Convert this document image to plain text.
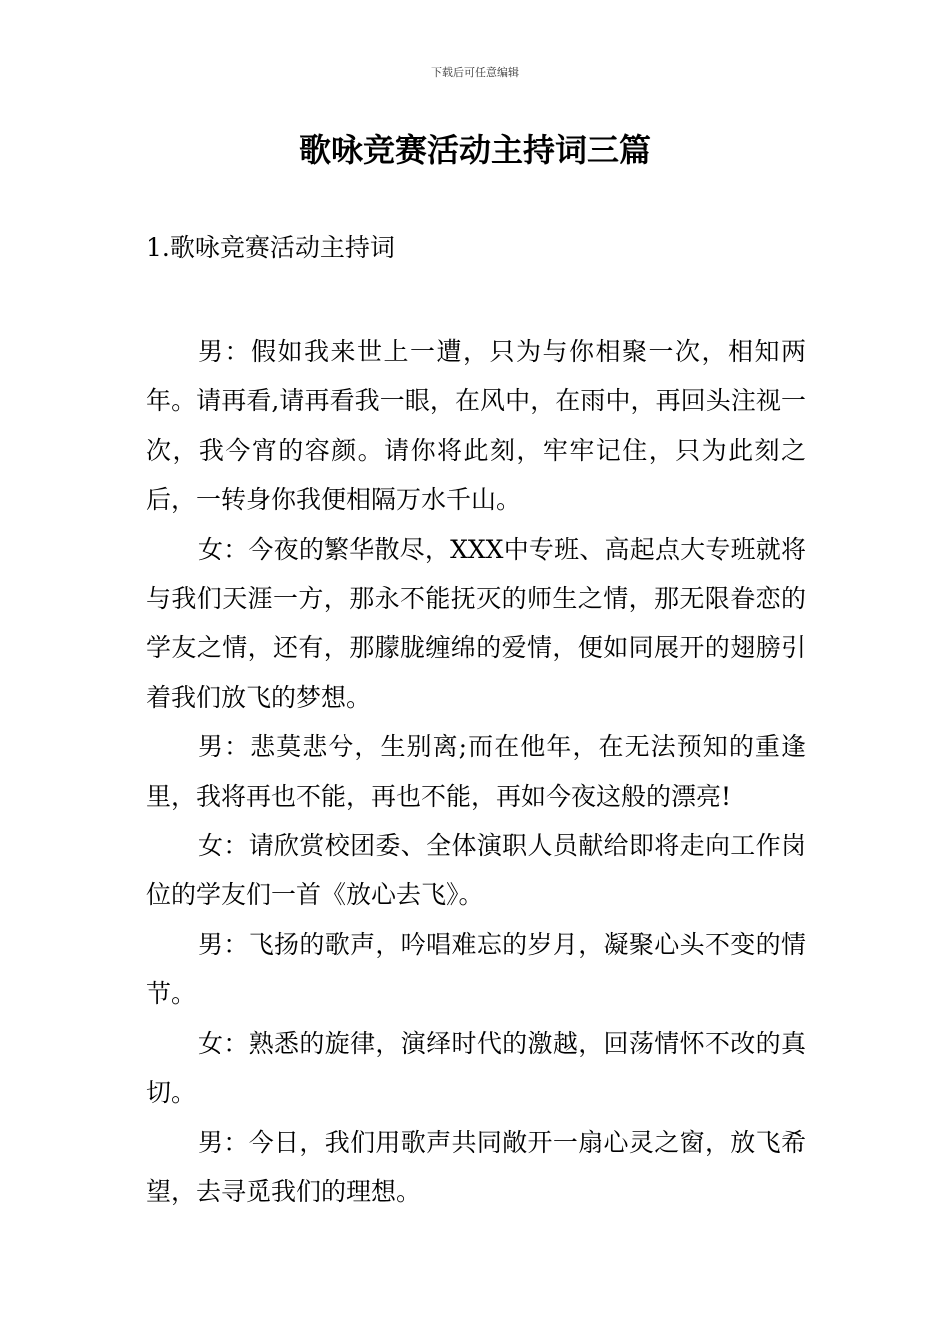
下载后可任意编辑
歌咏竞赛活动主持词三篇
1.歌咏竞赛活动主持词

男：假如我来世上一遭，只为与你相聚一次，相知两年。请再看,请再看我一眼，在风中，在雨中，再回头注视一次，我今宵的容颜。请你将此刻，牢牢记住，只为此刻之后，一转身你我便相隔万水千山。

女：今夜的繁华散尽，XXX中专班、高起点大专班就将与我们天涯一方，那永不能抚灭的师生之情，那无限眷恋的学友之情，还有，那朦胧缠绵的爱情，便如同展开的翅膀引着我们放飞的梦想。

男：悲莫悲兮，生别离;而在他年，在无法预知的重逢里，我将再也不能，再也不能，再如今夜这般的漂亮!

女：请欣赏校团委、全体演职人员献给即将走向工作岗位的学友们一首《放心去飞》。

男：飞扬的歌声，吟唱难忘的岁月，凝聚心头不变的情节。

女：熟悉的旋律，演绎时代的激越，回荡情怀不改的真切。

男：今日，我们用歌声共同敞开一扇心灵之窗，放飞希望，去寻觅我们的理想。
